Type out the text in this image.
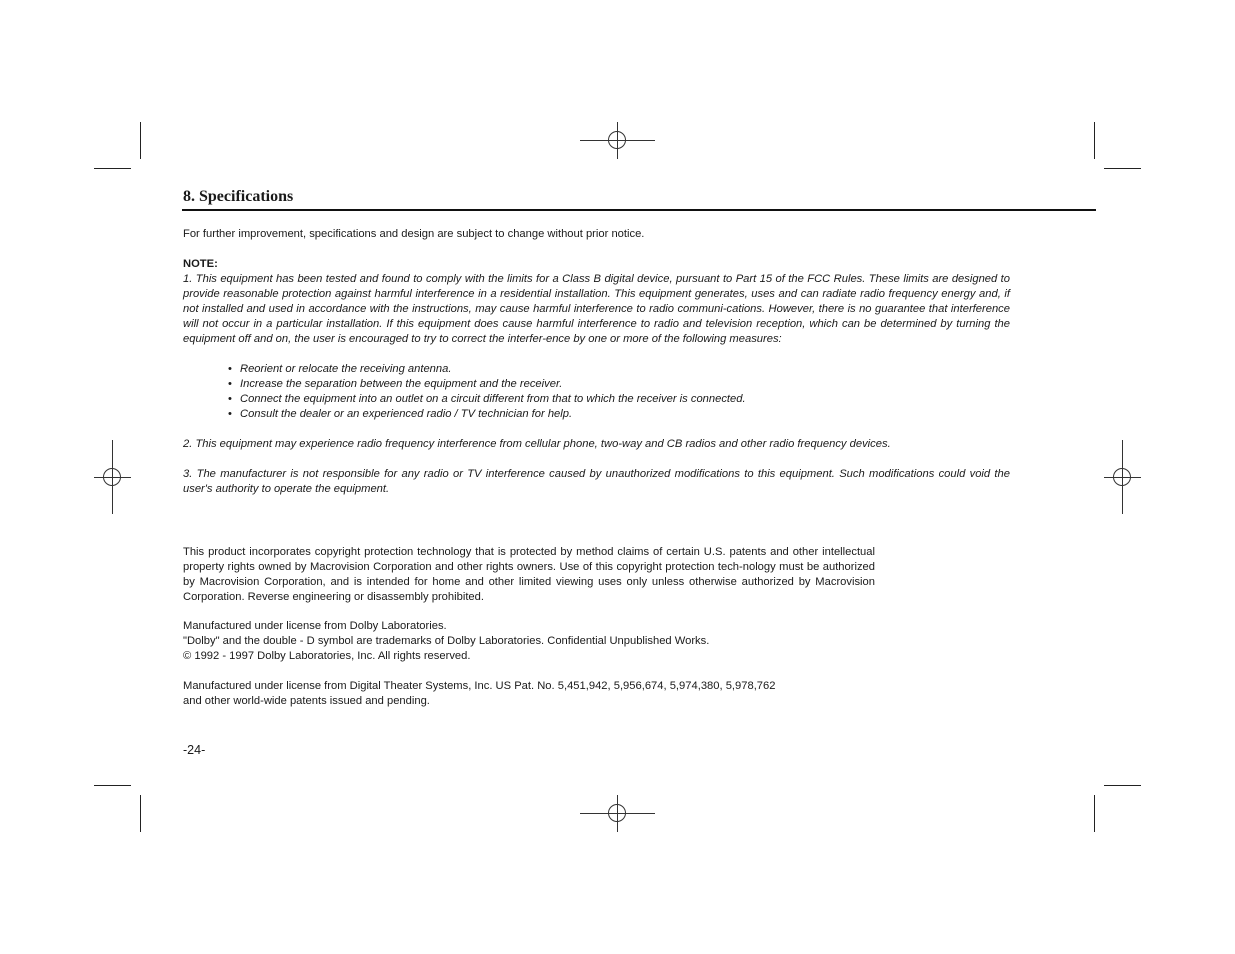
8. Specifications

For further improvement, specifications and design are subject to change without prior notice.

NOTE:

1. This equipment has been tested and found to comply with the limits for a Class B digital device, pursuant to Part 15 of the FCC Rules. These limits are designed to provide reasonable protection against harmful interference in a residential installation. This equipment generates, uses and can radiate radio frequency energy and, if not installed and used in accordance with the instructions, may cause harmful interference to radio communi-cations. However, there is no guarantee that interference will not occur in a particular installation. If this equipment does cause harmful interference to radio and television reception, which can be determined by turning the equipment off and on, the user is encouraged to try to correct the interfer-ence by one or more of the following measures:

• Reorient or relocate the receiving antenna.
• Increase the separation between the equipment and the receiver.
• Connect the equipment into an outlet on a circuit different from that to which the receiver is connected.
• Consult the dealer or an experienced radio / TV technician for help.

2. This equipment may experience radio frequency interference from cellular phone, two-way and CB radios and other radio frequency devices.

3. The manufacturer is not responsible for any radio or TV interference caused by unauthorized modifications to this equipment. Such modifications could void the user's authority to operate the equipment.

This product incorporates copyright protection technology that is protected by method claims of certain U.S. patents and other intellectual property rights owned by Macrovision Corporation and other rights owners. Use of this copyright protection tech-nology must be authorized by Macrovision Corporation, and is intended for home and other limited viewing uses only unless otherwise authorized by Macrovision Corporation. Reverse engineering or disassembly prohibited.

Manufactured under license from Dolby Laboratories.
"Dolby" and the double - D symbol are trademarks of Dolby Laboratories. Confidential Unpublished Works.
© 1992 - 1997 Dolby Laboratories, Inc. All rights reserved.
Manufactured under license from Digital Theater Systems, Inc. US Pat. No. 5,451,942, 5,956,674, 5,974,380, 5,978,762
and other world-wide patents issued and pending.

-24-
